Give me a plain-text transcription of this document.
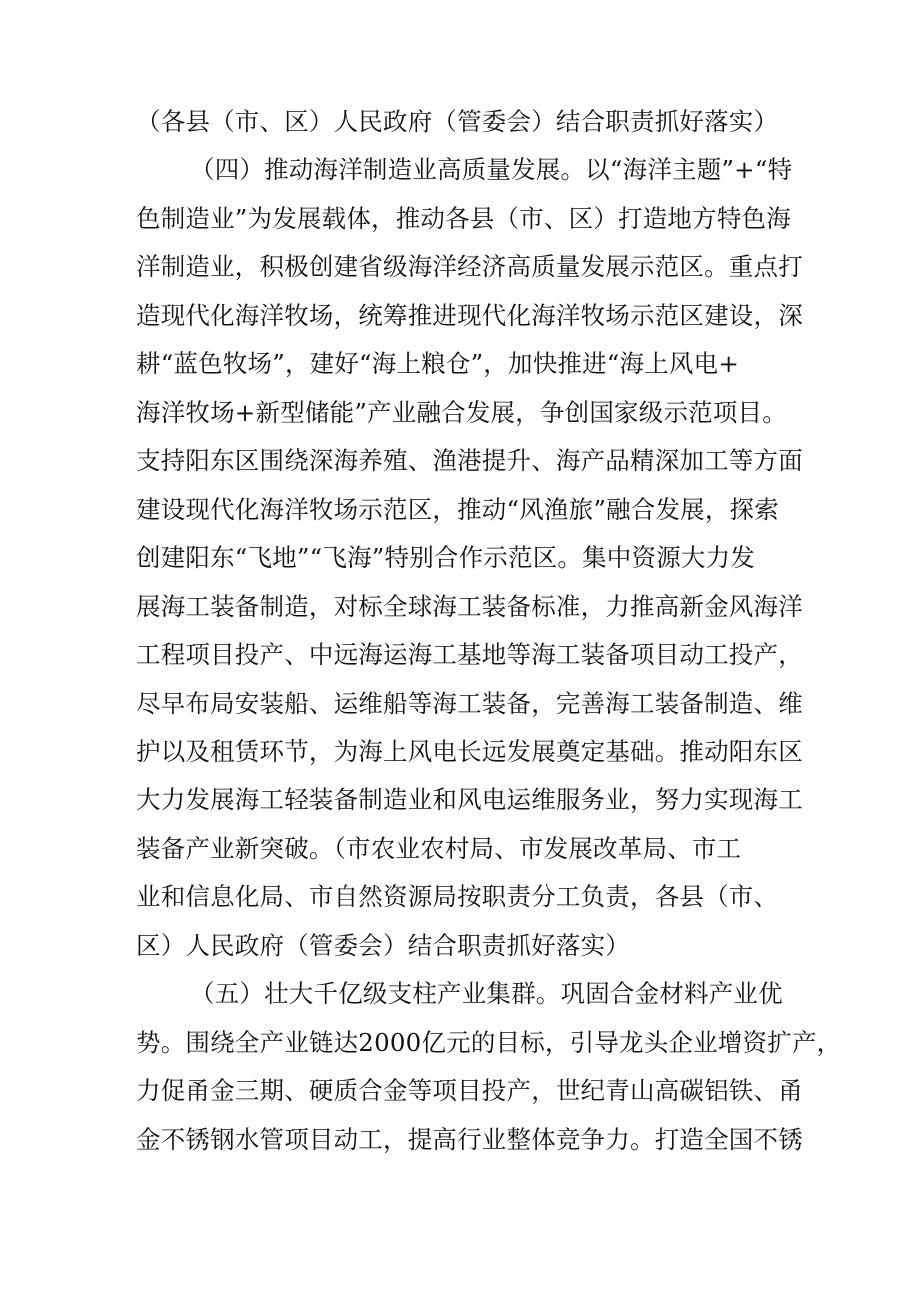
（各县（市、区）人民政府（管委会）结合职责抓好落实）
（四）推动海洋制造业高质量发展。以“海洋主题”+“特
色制造业”为发展载体，推动各县（市、区）打造地方特色海
洋制造业，积极创建省级海洋经济高质量发展示范区。重点打
造现代化海洋牧场，统筹推进现代化海洋牧场示范区建设，深
耕“蓝色牧场”，建好“海上粮仓”，加快推进“海上风电+
海洋牧场+新型储能”产业融合发展，争创国家级示范项目。
支持阳东区围绕深海养殖、渔港提升、海产品精深加工等方面
建设现代化海洋牧场示范区，推动“风渔旅”融合发展，探索
创建阳东“飞地”“飞海”特别合作示范区。集中资源大力发
展海工装备制造，对标全球海工装备标准，力推高新金风海洋
工程项目投产、中远海运海工基地等海工装备项目动工投产，
尽早布局安装船、运维船等海工装备，完善海工装备制造、维
护以及租赁环节，为海上风电长远发展奠定基础。推动阳东区
大力发展海工轻装备制造业和风电运维服务业，努力实现海工
装备产业新突破。（市农业农村局、市发展改革局、市工
业和信息化局、市自然资源局按职责分工负责，各县（市、
区）人民政府（管委会）结合职责抓好落实）
（五）壮大千亿级支柱产业集群。巩固合金材料产业优
势。围绕全产业链达2000亿元的目标，引导龙头企业增资扩产，
力促甬金三期、硬质合金等项目投产，世纪青山高碳铝铁、甬
金不锈钢水管项目动工，提高行业整体竞争力。打造全国不锈
